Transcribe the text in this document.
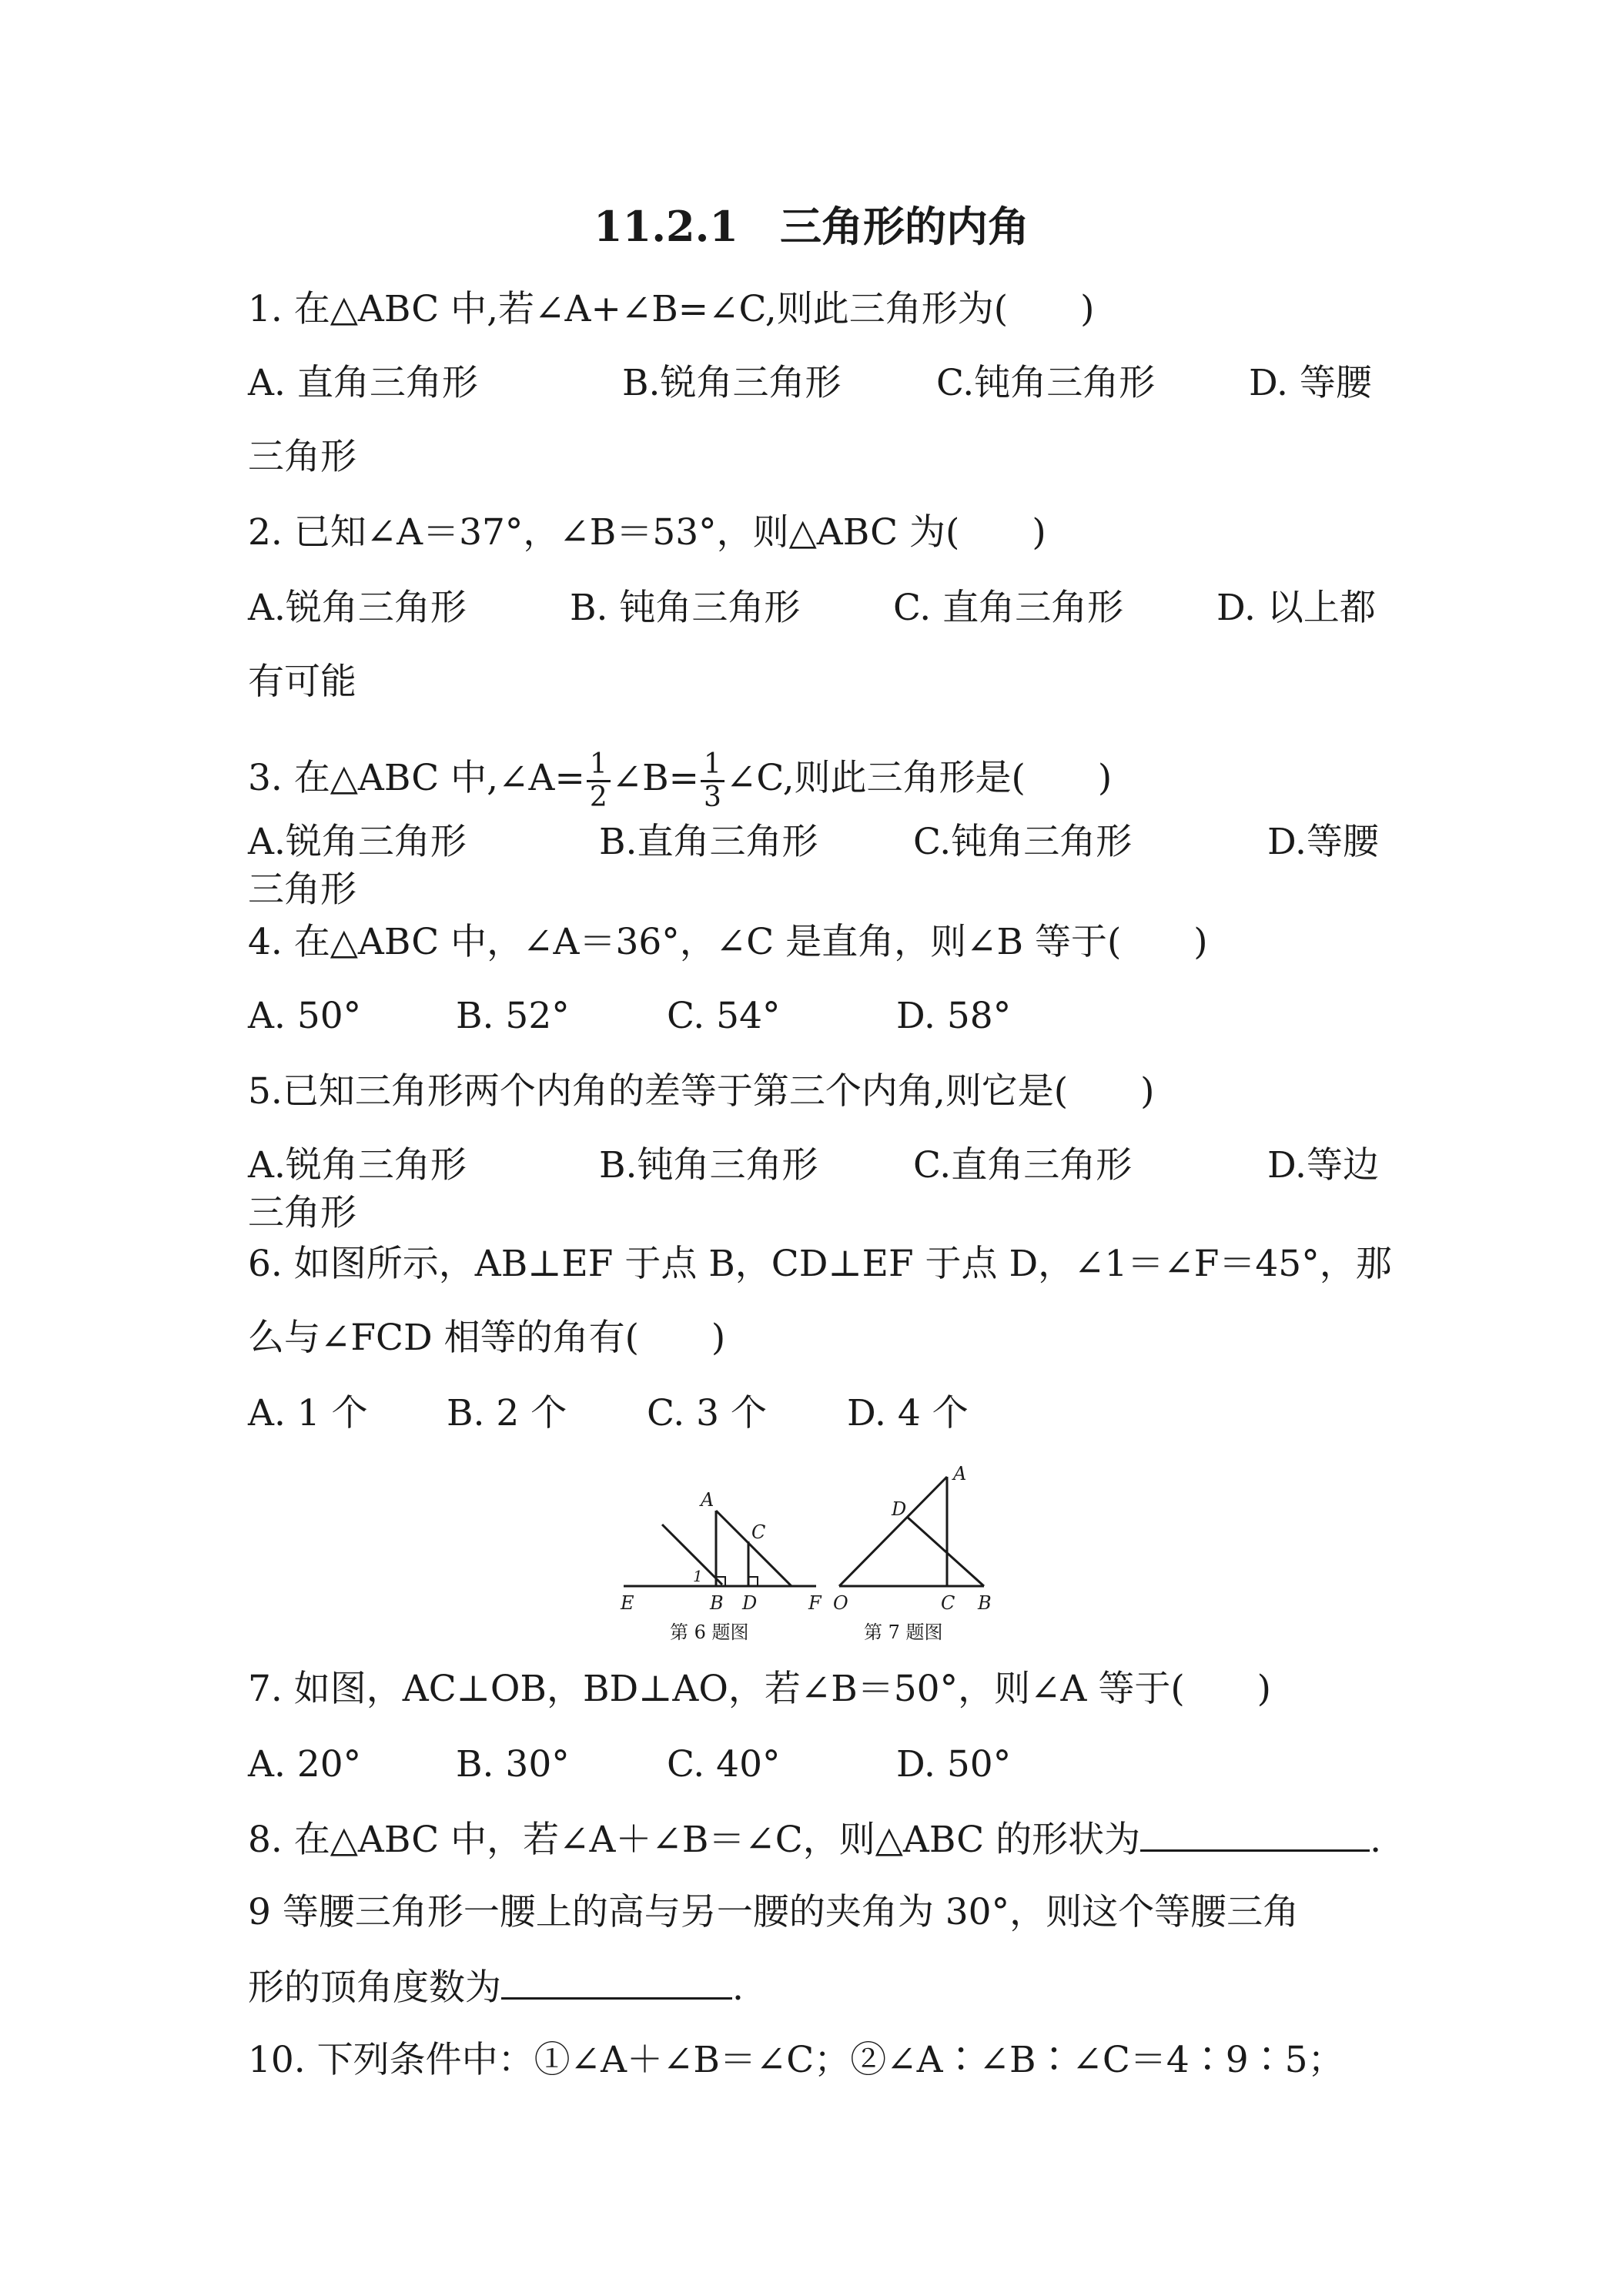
11.2.1　三角形的内角
1. 在△ABC 中,若∠A+∠B=∠C,则此三角形为(　　)
A. 直角三角形	B.锐角三角形	C.钝角三角形	D. 等腰
三角形
2. 已知∠A＝37°，∠B＝53°，则△ABC 为(　　)
A.锐角三角形	B. 钝角三角形	C. 直角三角形	D. 以上都
有可能
3. 在△ABC 中,∠A= $\frac{1}{2}$ ∠B= $\frac{1}{3}$ ∠C,则此三角形是(　　)
A.锐角三角形	B.直角三角形	C.钝角三角形	D.等腰
三角形
4. 在△ABC 中，∠A＝36°，∠C 是直角，则∠B 等于(　　)
A. 50°	B. 52°	C. 54°	D. 58°
5.已知三角形两个内角的差等于第三个内角,则它是(　　)
A.锐角三角形	B.钝角三角形	C.直角三角形	D.等边
三角形
6. 如图所示，AB⊥EF 于点 B，CD⊥EF 于点 D，∠1＝∠F＝45°，那
么与∠FCD 相等的角有(　　)
A. 1 个 B. 2 个 C. 3 个 D. 4 个
A
C
1
E	B D	F
A
D
O	C B
第 6 题图	第 7 题图
7. 如图，AC⊥OB，BD⊥AO，若∠B＝50°，则∠A 等于(　　)
A. 20°	B. 30°	C. 40°	D. 50°
8. 在△ABC 中，若∠A＋∠B＝∠C，则△ABC 的形状为	.
9 等腰三角形一腰上的高与另一腰的夹角为 30°，则这个等腰三角
形的顶角度数为	.
10. 下列条件中：①∠A＋∠B＝∠C；②∠A∶∠B∶∠C＝4∶9∶5；
